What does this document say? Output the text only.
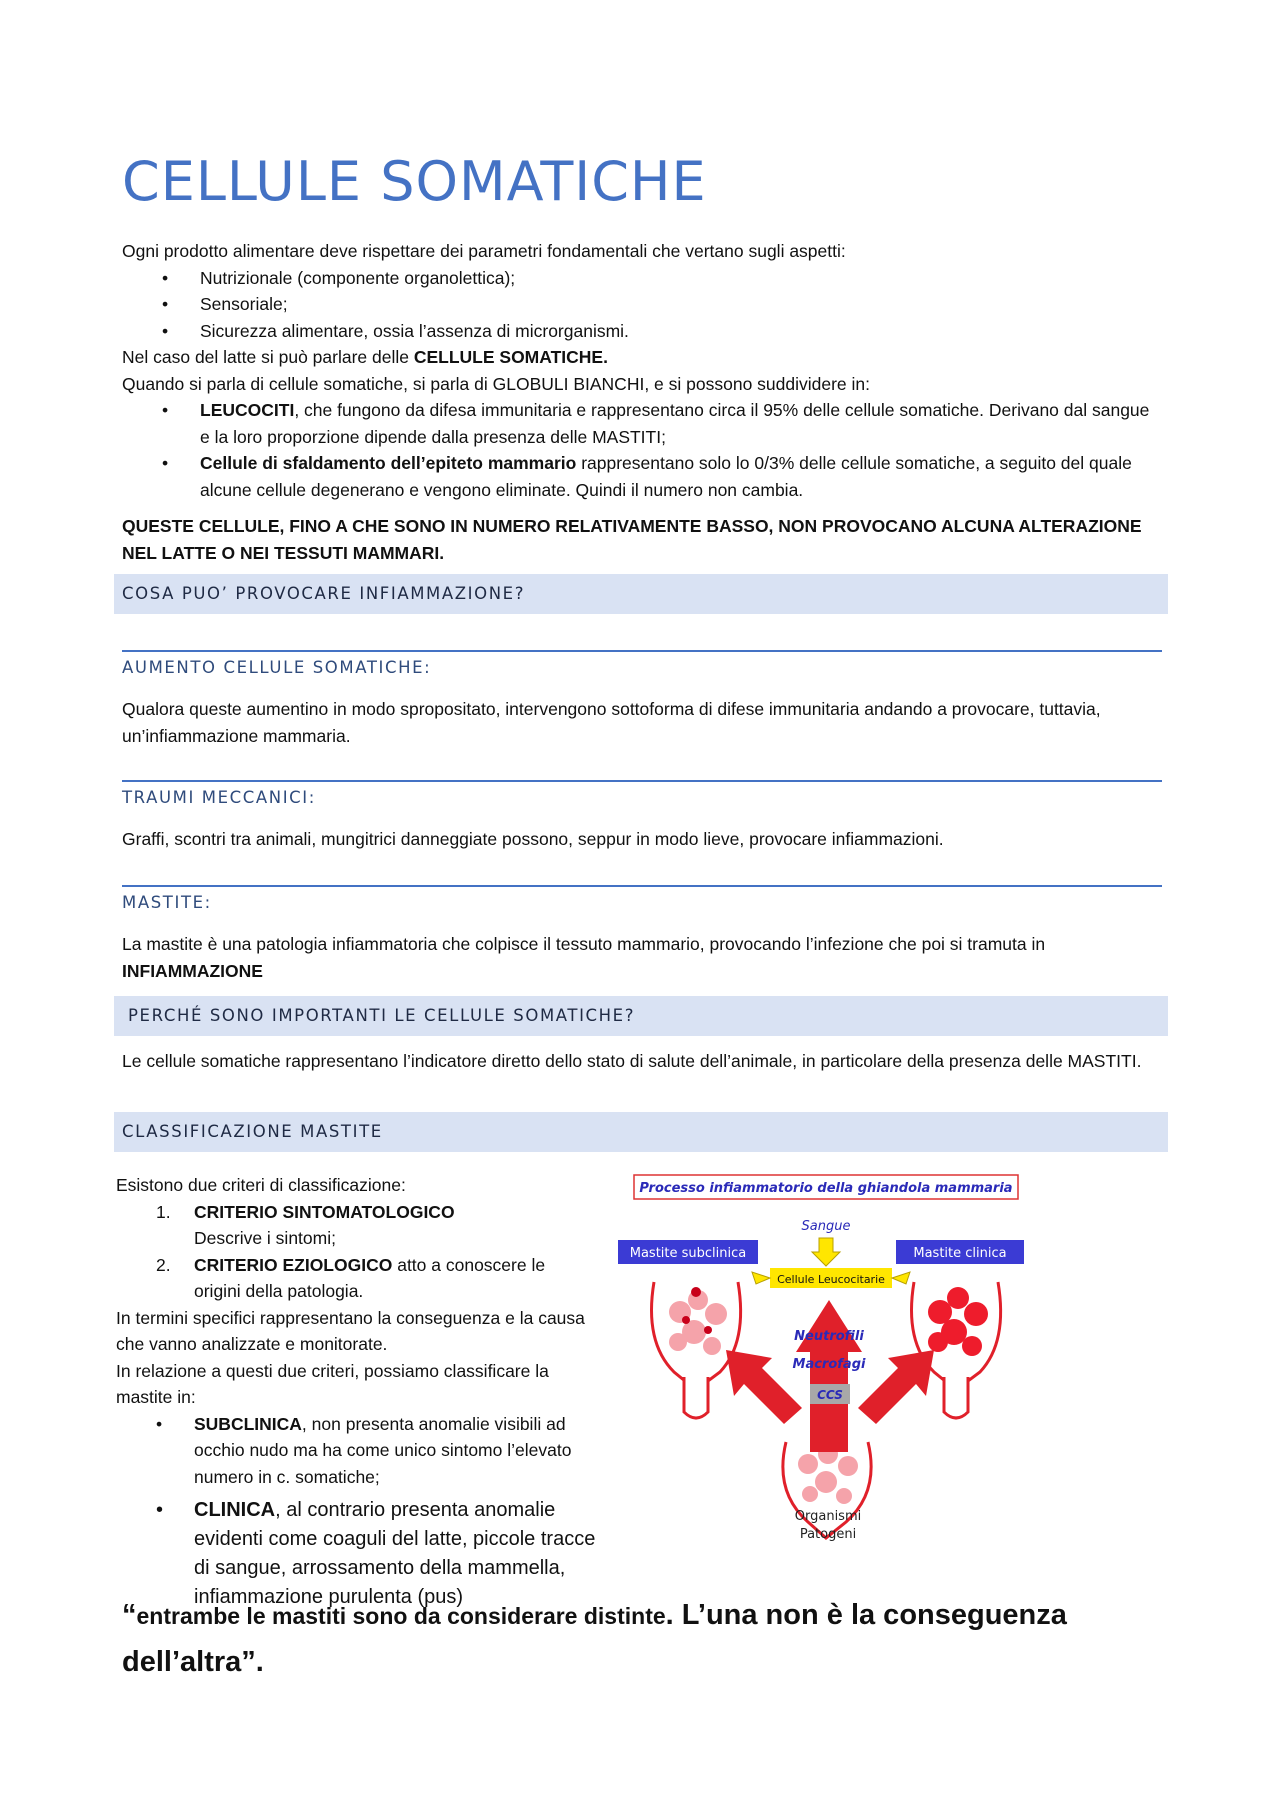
CELLULE SOMATICHE

Ogni prodotto alimentare deve rispettare dei parametri fondamentali che vertano sugli aspetti:

• Nutrizionale (componente organolettica);
• Sensoriale;
• Sicurezza alimentare, ossia l’assenza di microrganismi.

Nel caso del latte si può parlare delle CELLULE SOMATICHE.

Quando si parla di cellule somatiche, si parla di GLOBULI BIANCHI, e si possono suddividere in:

• LEUCOCITI, che fungono da difesa immunitaria e rappresentano circa il 95% delle cellule somatiche. Derivano dal sangue e la loro proporzione dipende dalla presenza delle MASTITI;
• Cellule di sfaldamento dell’epiteto mammario rappresentano solo lo 0/3% delle cellule somatiche, a seguito del quale alcune cellule degenerano e vengono eliminate. Quindi il numero non cambia.

QUESTE CELLULE, FINO A CHE SONO IN NUMERO RELATIVAMENTE BASSO, NON PROVOCANO ALCUNA ALTERAZIONE NEL LATTE O NEI TESSUTI MAMMARI.

COSA PUO’ PROVOCARE INFIAMMAZIONE?
AUMENTO CELLULE SOMATICHE:
Qualora queste aumentino in modo spropositato, intervengono sottoforma di difese immunitaria andando a provocare, tuttavia, un’infiammazione mammaria.
TRAUMI MECCANICI:
Graffi, scontri tra animali, mungitrici danneggiate possono, seppur in modo lieve, provocare infiammazioni.
MASTITE:
La mastite è una patologia infiammatoria che colpisce il tessuto mammario, provocando l’infezione che poi si tramuta in INFIAMMAZIONE
PERCHÉ SONO IMPORTANTI LE CELLULE SOMATICHE?
Le cellule somatiche rappresentano l’indicatore diretto dello stato di salute dell’animale, in particolare della presenza delle MASTITI.
CLASSIFICAZIONE MASTITE

Esistono due criteri di classificazione:

1. CRITERIO SINTOMATOLOGICO
Descrive i sintomi;
2. CRITERIO EZIOLOGICO atto a conoscere le origini della patologia.

In termini specifici rappresentano la conseguenza e la causa che vanno analizzate e monitorate.

In relazione a questi due criteri, possiamo classificare la mastite in:

• SUBCLINICA, non presenta anomalie visibili ad occhio nudo ma ha come unico sintomo l’elevato numero in c. somatiche;
• CLINICA, al contrario presenta anomalie evidenti come coaguli del latte, piccole tracce di sangue, arrossamento della mammella, infiammazione purulenta (pus)
Processo infiammatorio della ghiandola mammaria
Sangue
Mastite subclinica	Mastite clinica
Cellule Leucocitarie
Neutrofili
Macrofagi
CCS
Organismi
Patogeni
“entrambe le mastiti sono da considerare distinte. L’una non è la conseguenza dell’altra”.
